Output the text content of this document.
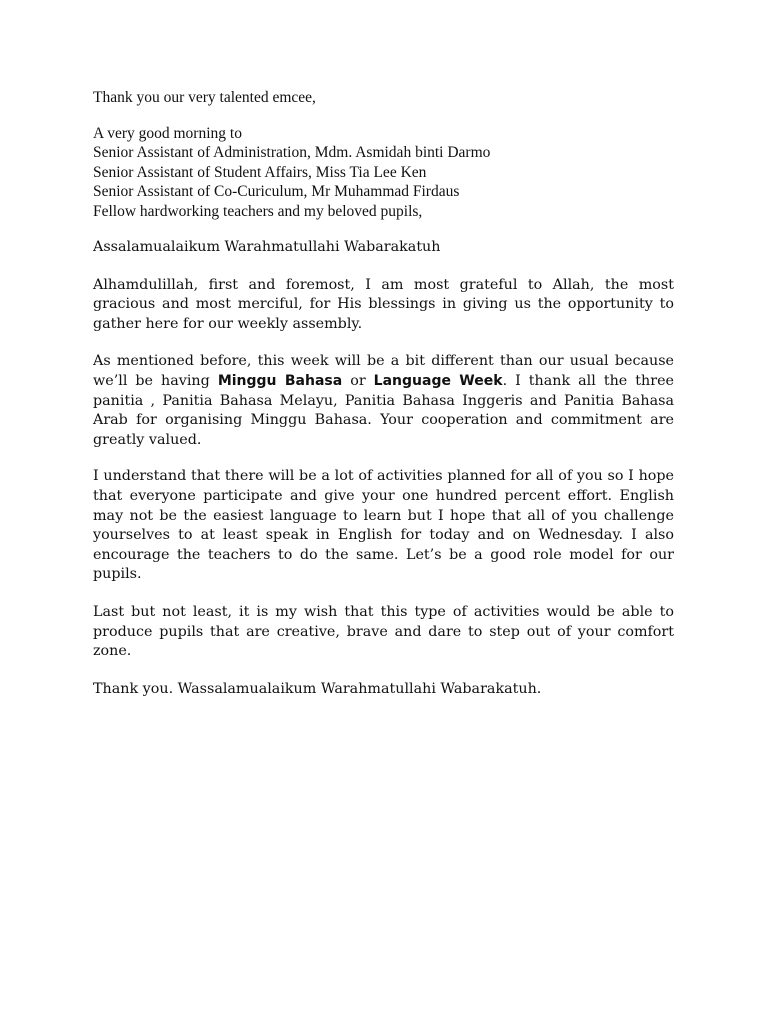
Thank you our very talented emcee,
A very good morning to
Senior Assistant of Administration, Mdm. Asmidah binti Darmo
Senior Assistant of Student Affairs, Miss Tia Lee Ken
Senior Assistant of Co-Curiculum, Mr Muhammad Firdaus
Fellow hardworking teachers and my beloved pupils,
Assalamualaikum Warahmatullahi Wabarakatuh

Alhamdulillah, first and foremost, I am most grateful to Allah, the most gracious and most merciful, for His blessings in giving us the opportunity to gather here for our weekly assembly.

As mentioned before, this week will be a bit different than our usual because we’ll be having Minggu Bahasa or Language Week. I thank all the three panitia , Panitia Bahasa Melayu, Panitia Bahasa Inggeris and Panitia Bahasa Arab for organising Minggu Bahasa. Your cooperation and commitment are greatly valued.

I understand that there will be a lot of activities planned for all of you so I hope that everyone participate and give your one hundred percent effort. English may not be the easiest language to learn but I hope that all of you challenge yourselves to at least speak in English for today and on Wednesday. I also encourage the teachers to do the same. Let’s be a good role model for our pupils.

Last but not least, it is my wish that this type of activities would be able to produce pupils that are creative, brave and dare to step out of your comfort zone.

Thank you. Wassalamualaikum Warahmatullahi Wabarakatuh.
